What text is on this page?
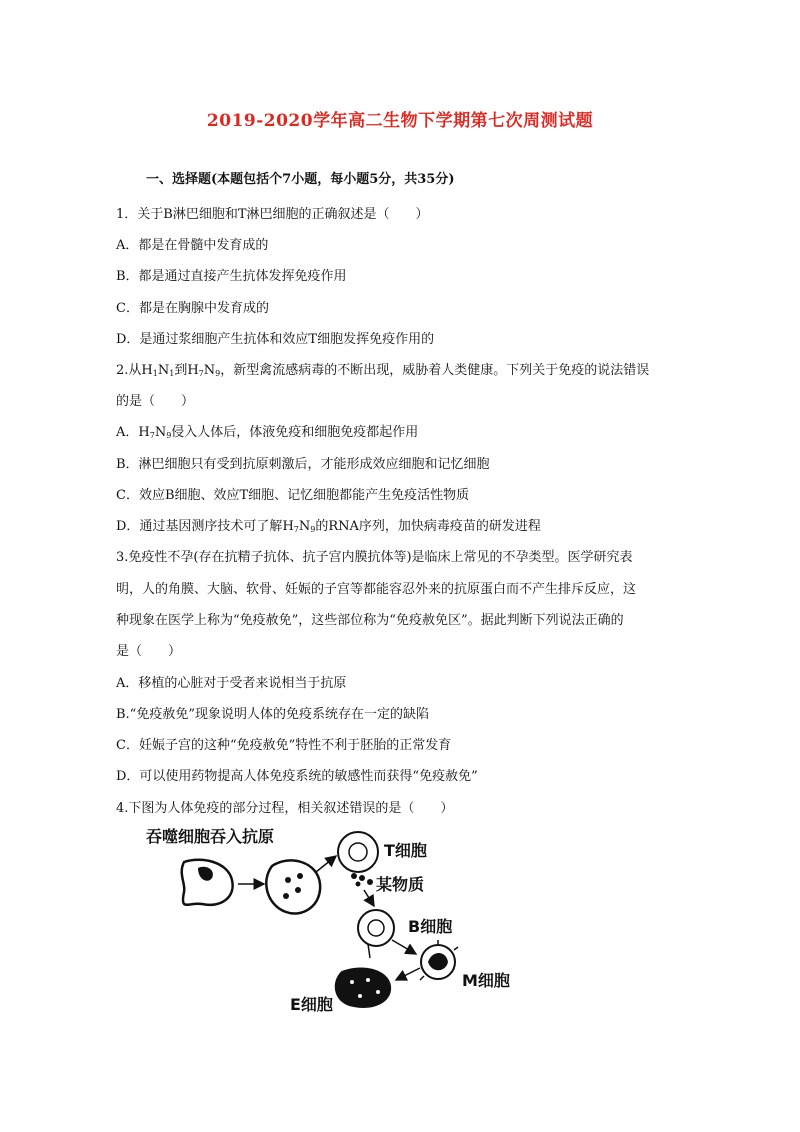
2019-2020学年高二生物下学期第七次周测试题
一、选择题(本题包括个7小题，每小题5分，共35分)
1．关于B淋巴细胞和T淋巴细胞的正确叙述是（　　）
A．都是在骨髓中发育成的
B．都是通过直接产生抗体发挥免疫作用
C．都是在胸腺中发育成的
D．是通过浆细胞产生抗体和效应T细胞发挥免疫作用的
2.从$H_1N_1$到$H_7N_9$，新型禽流感病毒的不断出现，威胁着人类健康。下列关于免疫的说法错误
的是（　　）
A．$H_7N_9$侵入人体后，体液免疫和细胞免疫都起作用
B．淋巴细胞只有受到抗原刺激后，才能形成效应细胞和记忆细胞
C．效应B细胞、效应T细胞、记忆细胞都能产生免疫活性物质
D．通过基因测序技术可了解$H_7N_9$的RNA序列，加快病毒疫苗的研发进程
3.免疫性不孕(存在抗精子抗体、抗子宫内膜抗体等)是临床上常见的不孕类型。医学研究表
明，人的角膜、大脑、软骨、妊娠的子宫等都能容忍外来的抗原蛋白而不产生排斥反应，这
种现象在医学上称为“免疫赦免”，这些部位称为“免疫赦免区”。据此判断下列说法正确的
是（　　）
A．移植的心脏对于受者来说相当于抗原
B.“免疫赦免”现象说明人体的免疫系统存在一定的缺陷
C．妊娠子宫的这种“免疫赦免”特性不利于胚胎的正常发育
D．可以使用药物提高人体免疫系统的敏感性而获得“免疫赦免”
4.下图为人体免疫的部分过程，相关叙述错误的是（　　）
吞噬细胞吞入抗原
T细胞
某物质
B细胞
M细胞
E细胞
